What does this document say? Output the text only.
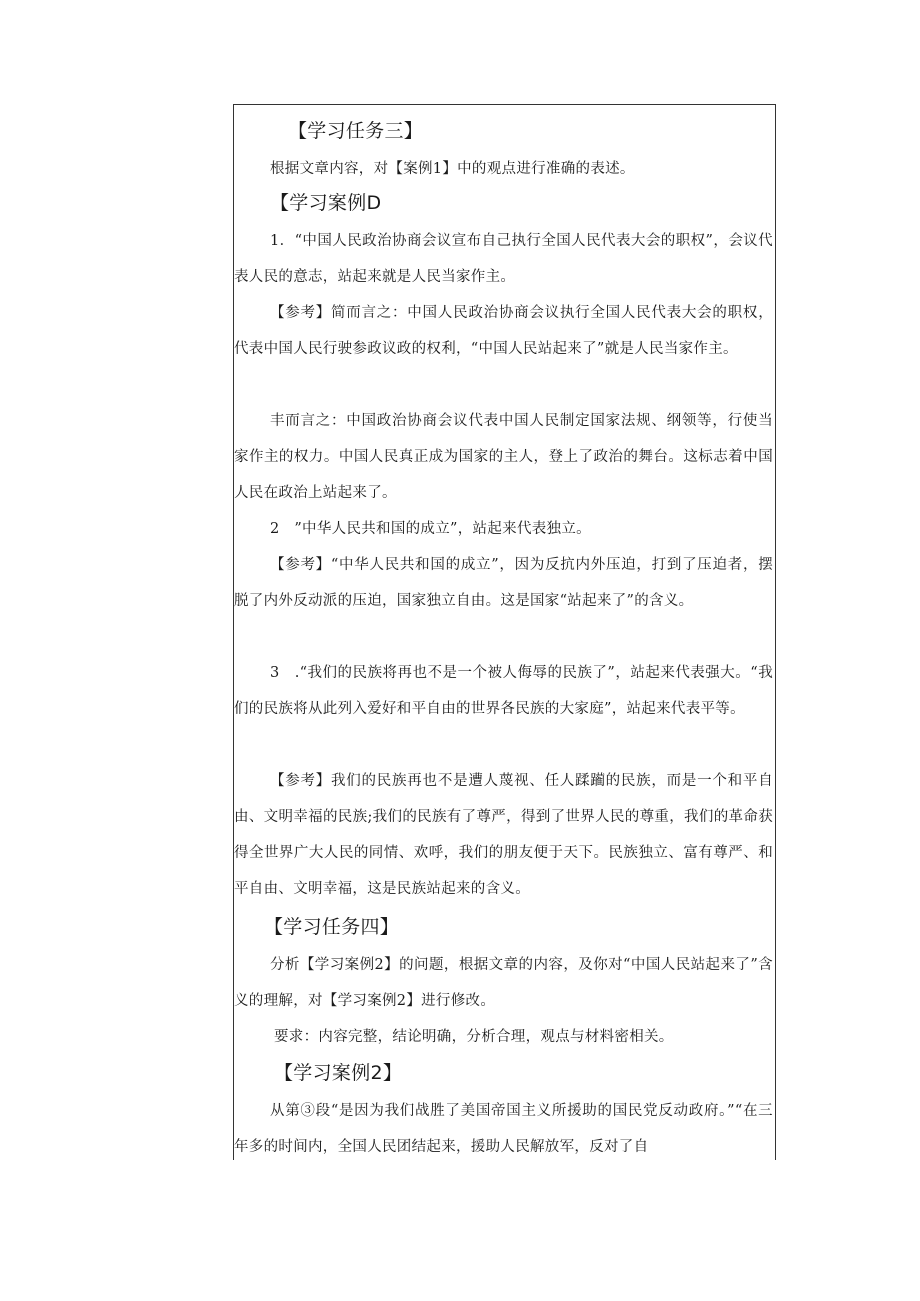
【学习任务三】

根据文章内容，对【案例1】中的观点进行准确的表述。

【学习案例D

1．“中国人民政治协商会议宣布自己执行全国人民代表大会的职权”，会议代表人民的意志，站起来就是人民当家作主。

【参考】简而言之：中国人民政治协商会议执行全国人民代表大会的职权，代表中国人民行驶参政议政的权利，“中国人民站起来了”就是人民当家作主。

丰而言之：中国政治协商会议代表中国人民制定国家法规、纲领等，行使当家作主的权力。中国人民真正成为国家的主人，登上了政治的舞台。这标志着中国人民在政治上站起来了。

2　”中华人民共和国的成立”，站起来代表独立。

【参考】“中华人民共和国的成立”，因为反抗内外压迫，打到了压迫者，摆脱了内外反动派的压迫，国家独立自由。这是国家“站起来了”的含义。

3　.“我们的民族将再也不是一个被人侮辱的民族了”，站起来代表强大。“我们的民族将从此列入爱好和平自由的世界各民族的大家庭”，站起来代表平等。

【参考】我们的民族再也不是遭人蔑视、任人蹂躏的民族，而是一个和平自由、文明幸福的民族;我们的民族有了尊严，得到了世界人民的尊重，我们的革命获得全世界广大人民的同情、欢呼，我们的朋友便于天下。民族独立、富有尊严、和平自由、文明幸福，这是民族站起来的含义。

【学习任务四】

分析【学习案例2】的问题，根据文章的内容，及你对“中国人民站起来了”含义的理解，对【学习案例2】进行修改。

要求：内容完整，结论明确，分析合理，观点与材料密相关。

【学习案例2】

从第③段“是因为我们战胜了美国帝国主义所援助的国民党反动政府。”“在三年多的时间内，全国人民团结起来，援助人民解放军，反对了自
